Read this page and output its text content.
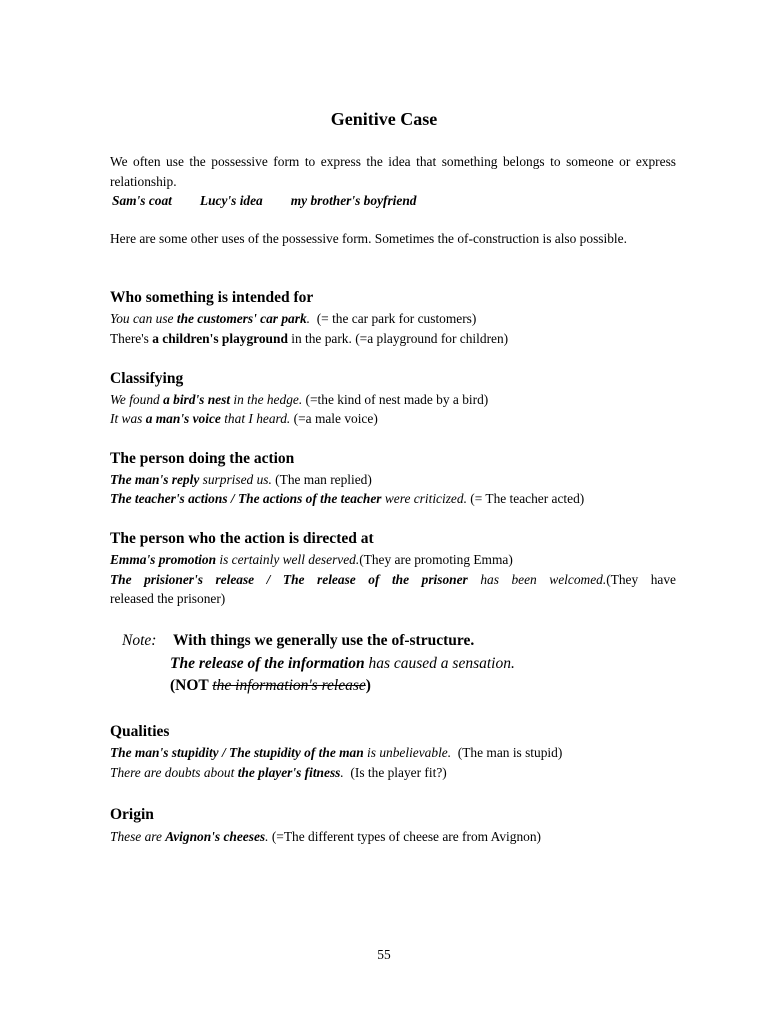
Genitive Case
We often use the possessive form to express the idea that something belongs to someone or express relationship.
Sam's coat Lucy's idea my brother's boyfriend
Here are some other uses of the possessive form. Sometimes the of-construction is also possible.
Who something is intended for
You can use the customers' car park.  (= the car park for customers)
There's a children's playground in the park. (=a playground for children)
Classifying
We found a bird's nest in the hedge. (=the kind of nest made by a bird)
It was a man's voice that I heard. (=a male voice)
The person doing the action
The man's reply surprised us. (The man replied)
The teacher's actions / The actions of the teacher were criticized. (= The teacher acted)
The person who the action is directed at
Emma's promotion is certainly well deserved.(They are promoting Emma)
The prisioner's release / The release of the prisoner has been welcomed.(They have
released the prisoner)
Note: With things we generally use the of-structure.
The release of the information has caused a sensation.
(NOT the information's release)
Qualities
The man's stupidity / The stupidity of the man is unbelievable.  (The man is stupid)
There are doubts about the player's fitness.  (Is the player fit?)
Origin
These are Avignon's cheeses. (=The different types of cheese are from Avignon)
55
